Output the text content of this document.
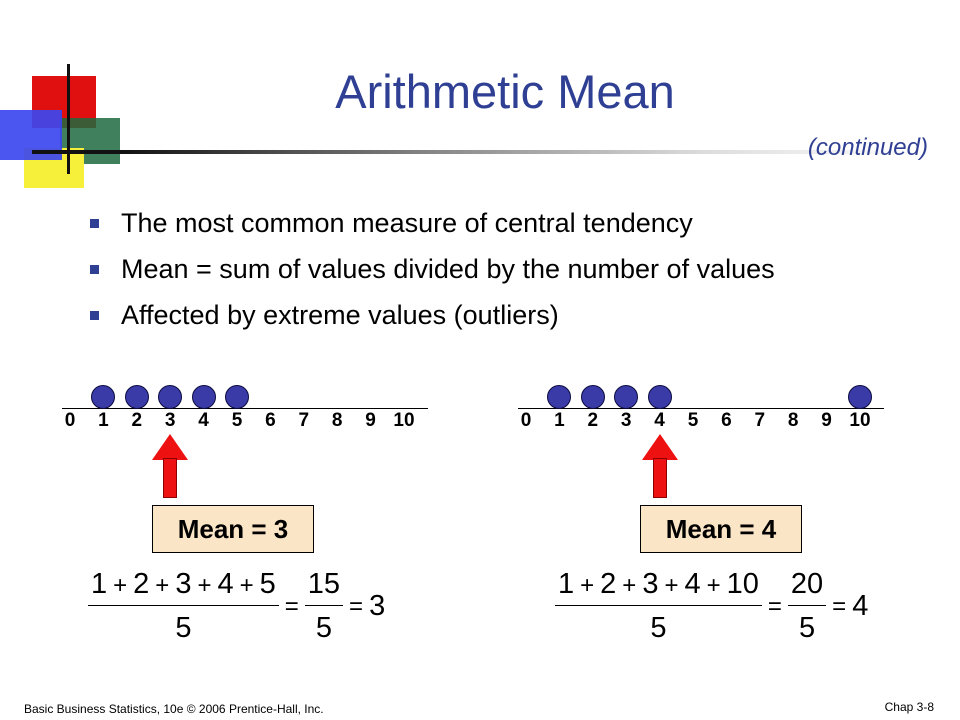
Arithmetic Mean
(continued)
The most common measure of central tendency
Mean = sum of values divided by the number of values
Affected by extreme values (outliers)
0 1 2 3 4 5 6 7 8 9 10
Mean = 3
$\frac{1 + 2 + 3 + 4 + 5}{5} = \frac{15}{5} = 3$
0 1 2 3 4 5 6 7 8 9 10
Mean = 4
$\frac{1 + 2 + 3 + 4 + 10}{5} = \frac{20}{5} = 4$
Basic Business Statistics, 10e © 2006 Prentice-Hall, Inc.	Chap 3-8
